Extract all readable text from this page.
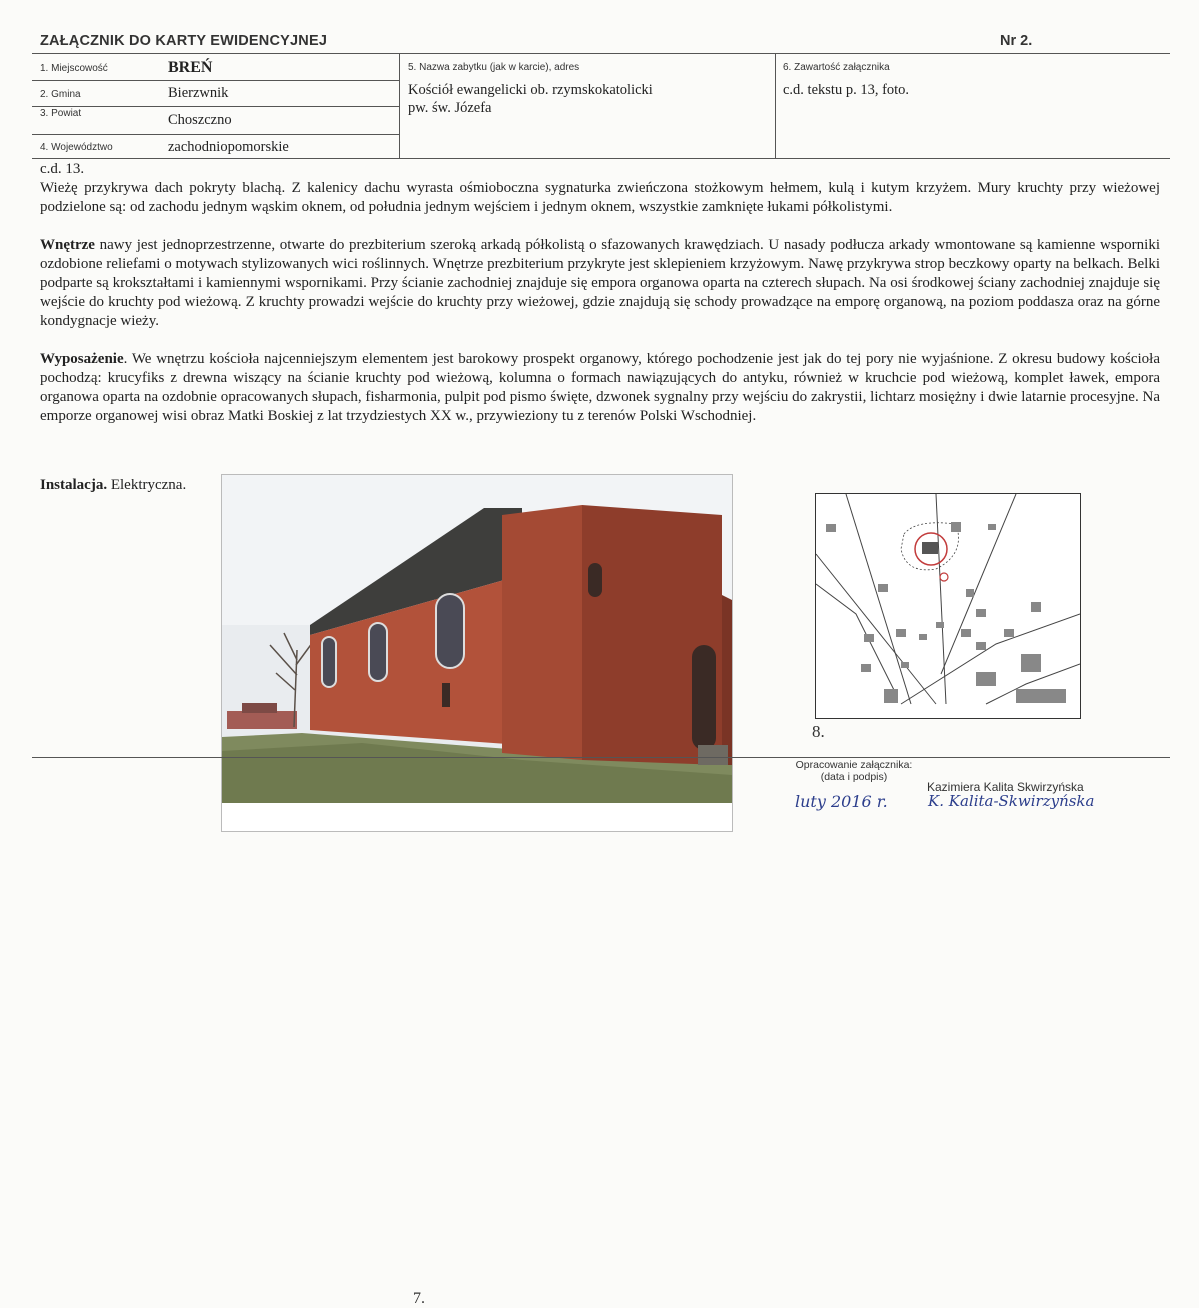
ZAŁĄCZNIK DO KARTY EWIDENCYJNEJ	Nr 2.
1. Miejscowość	BREŃ
2. Gmina	Bierzwnik
3. Powiat	Choszczno
4. Województwo	zachodniopomorskie
5. Nazwa zabytku (jak w karcie), adres
Kościół ewangelicki ob. rzymskokatolicki
pw. św. Józefa
6. Zawartość załącznika
c.d. tekstu p. 13, foto.

c.d. 13.

Wieżę przykrywa dach pokryty blachą. Z kalenicy dachu wyrasta ośmioboczna sygnaturka zwieńczona stożkowym hełmem, kulą i kutym krzyżem. Mury kruchty przy wieżowej podzielone są: od zachodu jednym wąskim oknem, od południa jednym wejściem i jednym oknem, wszystkie zamknięte łukami półkolistymi.

Wnętrze nawy jest jednoprzestrzenne, otwarte do prezbiterium szeroką arkadą półkolistą o sfazowanych krawędziach. U nasady podłucza arkady wmontowane są kamienne wsporniki ozdobione reliefami o motywach stylizowanych wici roślinnych. Wnętrze prezbiterium przykryte jest sklepieniem krzyżowym. Nawę przykrywa strop beczkowy oparty na belkach. Belki podparte są krokształtami i kamiennymi wspornikami. Przy ścianie zachodniej znajduje się empora organowa oparta na czterech słupach. Na osi środkowej ściany zachodniej znajduje się wejście do kruchty pod wieżową. Z kruchty prowadzi wejście do kruchty przy wieżowej, gdzie znajdują się schody prowadzące na emporę organową, na poziom poddasza oraz na górne kondygnacje wieży.

Wyposażenie. We wnętrzu kościoła najcenniejszym elementem jest barokowy prospekt organowy, którego pochodzenie jest jak do tej pory nie wyjaśnione. Z okresu budowy kościoła pochodzą: krucyfiks z drewna wiszący na ścianie kruchty pod wieżową, kolumna o formach nawiązujących do antyku, również w kruchcie pod wieżową, komplet ławek, empora organowa oparta na ozdobnie opracowanych słupach, fisharmonia, pulpit pod pismo święte, dzwonek sygnalny przy wejściu do zakrystii, lichtarz mosiężny i dwie latarnie procesyjne. Na emporze organowej wisi obraz Matki Boskiej z lat trzydziestych XX w., przywieziony tu z terenów Polski Wschodniej.

Instalacja. Elektryczna.

7.
8.
Opracowanie załącznika:
(data i podpis)
Kazimiera Kalita Skwirzyńska
luty 2016 r.	K. Kalita-Skwirzyńska
